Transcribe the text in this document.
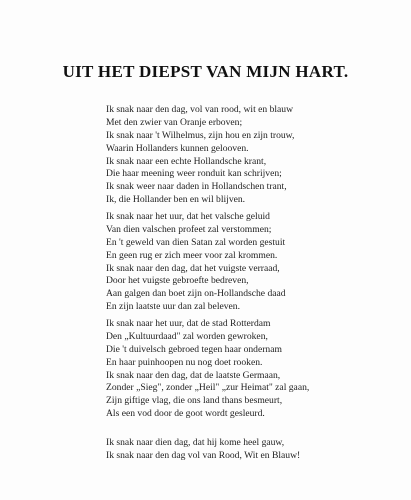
UIT HET DIEPST VAN MIJN HART.
Ik snak naar den dag, vol van rood, wit en blauw
Met den zwier van Oranje erboven;
Ik snak naar 't Wilhelmus, zijn hou en zijn trouw,
Waarin Hollanders kunnen gelooven.
Ik snak naar een echte Hollandsche krant,
Die haar meening weer ronduit kan schrijven;
Ik snak weer naar daden in Hollandschen trant,
Ik, die Hollander ben en wil blijven.
Ik snak naar het uur, dat het valsche geluid
Van dien valschen profeet zal verstommen;
En 't geweld van dien Satan zal worden gestuit
En geen rug er zich meer voor zal krommen.
Ik snak naar den dag, dat het vuigste verraad,
Door het vuigste gebroefte bedreven,
Aan galgen dan boet zijn on-Hollandsche daad
En zijn laatste uur dan zal beleven.
Ik snak naar het uur, dat de stad Rotterdam
Den „Kultuurdaad" zal worden gewroken,
Die 't duivelsch gebroed tegen haar ondernam
En haar puinhoopen nu nog doet rooken.
Ik snak naar den dag, dat de laatste Germaan,
Zonder „Sieg", zonder „Heil" „zur Heimat" zal gaan,
Zijn giftige vlag, die ons land thans besmeurt,
Als een vod door de goot wordt gesleurd.
Ik snak naar dien dag, dat hij kome heel gauw,
Ik snak naar den dag vol van Rood, Wit en Blauw!
